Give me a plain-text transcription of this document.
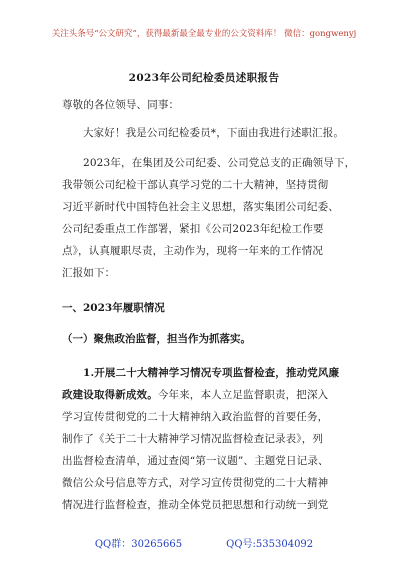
关注头条号“公文研究”，获得最新最全最专业的公文资料库！ 微信：gongwenyj
2023年公司纪检委员述职报告
尊敬的各位领导、同事：
大家好！我是公司纪检委员*，下面由我进行述职汇报。
2023年，在集团及公司纪委、公司党总支的正确领导下，
我带领公司纪检干部认真学习党的二十大精神，坚持贯彻
习近平新时代中国特色社会主义思想，落实集团公司纪委、
公司纪委重点工作部署，紧扣《公司2023年纪检工作要
点》，认真履职尽责，主动作为，现将一年来的工作情况
汇报如下：
一、2023年履职情况
（一）聚焦政治监督，担当作为抓落实。
1.开展二十大精神学习情况专项监督检查，推动党风廉
政建设取得新成效。今年来，本人立足监督职责，把深入
学习宣传贯彻党的二十大精神纳入政治监督的首要任务，
制作了《关于二十大精神学习情况监督检查记录表》，列
出监督检查清单，通过查阅“第一议题”、主题党日记录、
微信公众号信息等方式，对学习宣传贯彻党的二十大精神
情况进行监督检查，推动全体党员把思想和行动统一到党
QQ群：30265665	QQ号:535304092
